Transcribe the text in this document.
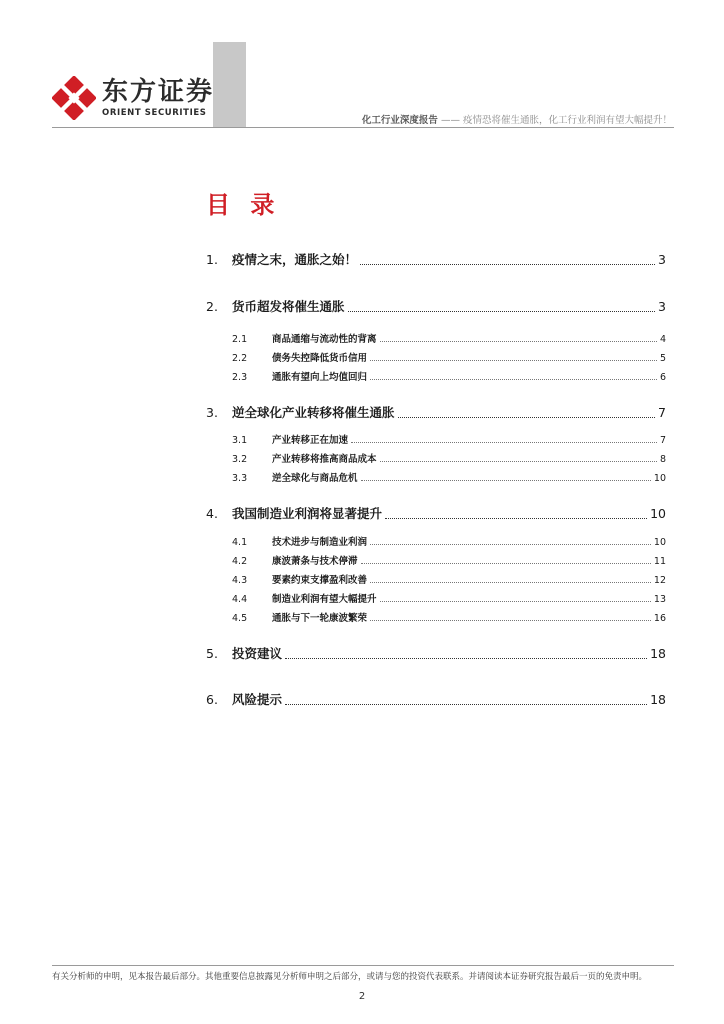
东方证券
ORIENT SECURITIES
化工行业深度报告 —— 疫情恐将催生通胀，化工行业利润有望大幅提升！
目 录
1.	疫情之末，通胀之始！	3
2.	货币超发将催生通胀	3
2.1	商品通缩与流动性的背离	4
2.2	债务失控降低货币信用	5
2.3	通胀有望向上均值回归	6
3.	逆全球化产业转移将催生通胀	7
3.1	产业转移正在加速	7
3.2	产业转移将推高商品成本	8
3.3	逆全球化与商品危机	10
4.	我国制造业利润将显著提升	10
4.1	技术进步与制造业利润	10
4.2	康波萧条与技术停滞	11
4.3	要素约束支撑盈利改善	12
4.4	制造业利润有望大幅提升	13
4.5	通胀与下一轮康波繁荣	16
5.	投资建议	18
6.	风险提示	18
有关分析师的申明，见本报告最后部分。其他重要信息披露见分析师申明之后部分，或请与您的投资代表联系。并请阅读本证券研究报告最后一页的免责申明。
2
